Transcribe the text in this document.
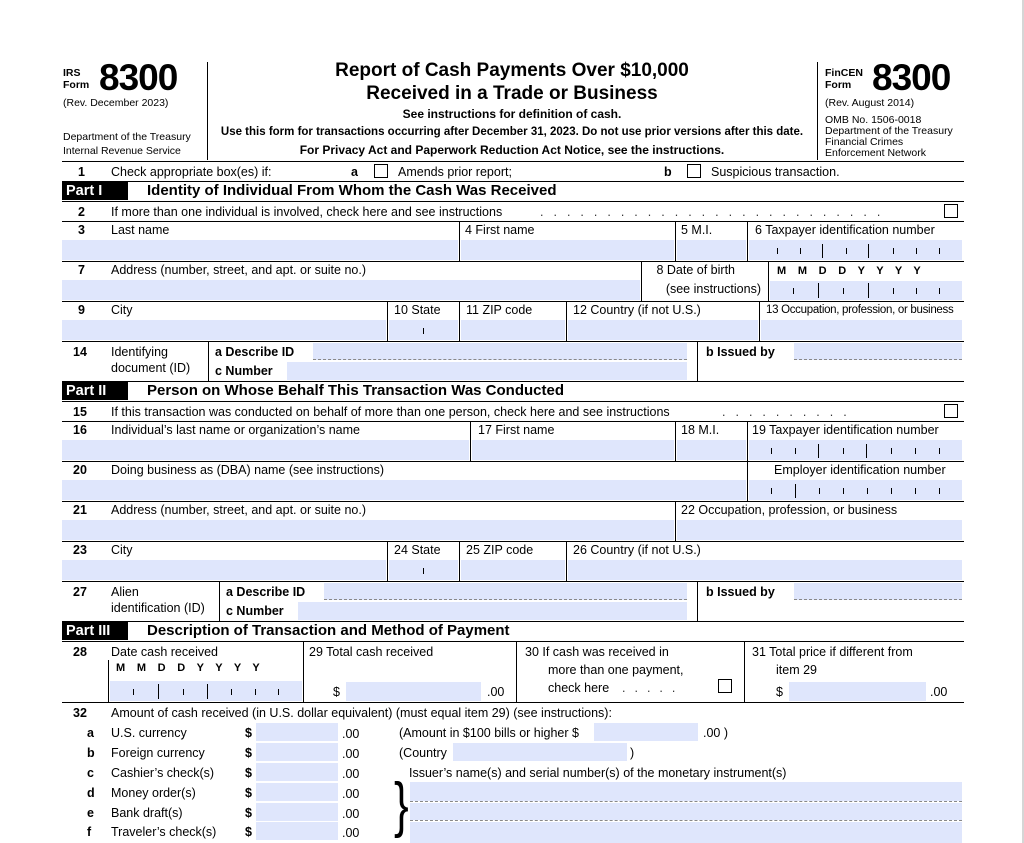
IRS
Form 8300
(Rev. December 2023)
Department of the Treasury
Internal Revenue Service
Report of Cash Payments Over $10,000
Received in a Trade or Business
See instructions for definition of cash.
Use this form for transactions occurring after December 31, 2023. Do not use prior versions after this date.
For Privacy Act and Paperwork Reduction Act Notice, see the instructions.
FinCEN
Form 8300
(Rev. August 2014)
OMB No. 1506-0018
Department of the Treasury
Financial Crimes
Enforcement Network
1 Check appropriate box(es) if:	a	Amends prior report;	b	Suspicious transaction.
Part I	Identity of Individual From Whom the Cash Was Received
2 If more than one individual is involved, check here and see instructions	..........................
3 Last name	4 First name	5 M.I.	6 Taxpayer identification number
7 Address (number, street, and apt. or suite no.)	8 Date of birth
(see instructions)
M M D D Y Y Y Y
9 City	10 State 11 ZIP code	12 Country (if not U.S.)	13 Occupation, profession, or business
14 Identifying
document (ID)
a Describe ID	b Issued by
c Number
Part II	Person on Whose Behalf This Transaction Was Conducted
15 If this transaction was conducted on behalf of more than one person, check here and see instructions	..........
16 Individual’s last name or organization’s name	17 First name	18 M.I.	19 Taxpayer identification number
20 Doing business as (DBA) name (see instructions)	Employer identification number
21 Address (number, street, and apt. or suite no.)	22 Occupation, profession, or business
23 City	24 State 25 ZIP code	26 Country (if not U.S.)
27 Alien
identification (ID)
a Describe ID	b Issued by
c Number
Part III	Description of Transaction and Method of Payment
28 Date cash received
M M D D Y Y Y Y
29 Total cash received
$	.00
30 If cash was received in
more than one payment,
check here .....
31 Total price if different from
item 29
$	.00
32 Amount of cash received (in U.S. dollar equivalent) (must equal item 29) (see instructions):
a U.S. currency	$	.00
b Foreign currency	$	.00
c Cashier’s check(s) $	.00
d Money order(s)	$	.00
e Bank draft(s)	$	.00
f Traveler’s check(s) $	.00
(Amount in $100 bills or higher $	.00 )
(Country	)
Issuer’s name(s) and serial number(s) of the monetary instrument(s)
}
